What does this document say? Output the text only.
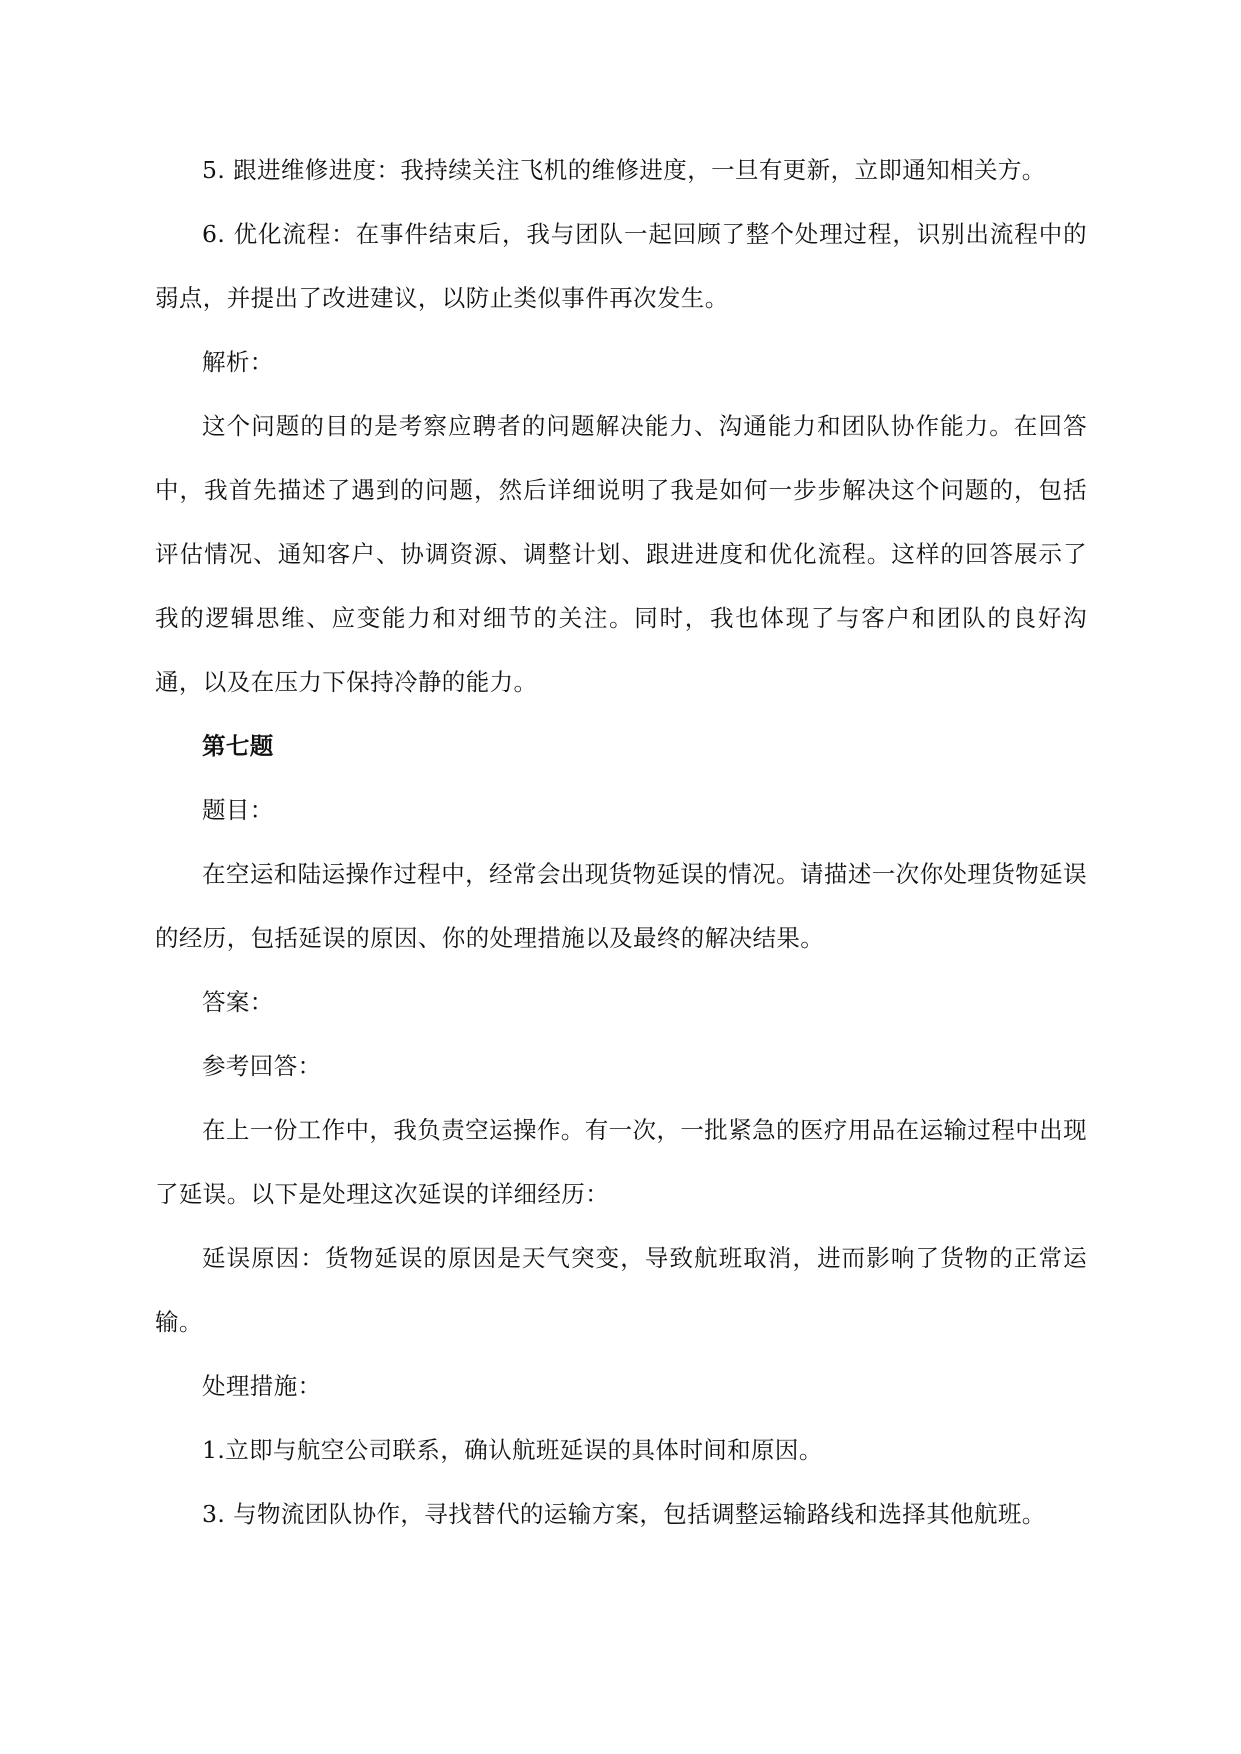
5. 跟进维修进度：我持续关注飞机的维修进度，一旦有更新，立即通知相关方。

6. 优化流程：在事件结束后，我与团队一起回顾了整个处理过程，识别出流程中的弱点，并提出了改进建议，以防止类似事件再次发生。

解析：

这个问题的目的是考察应聘者的问题解决能力、沟通能力和团队协作能力。在回答中，我首先描述了遇到的问题，然后详细说明了我是如何一步步解决这个问题的，包括评估情况、通知客户、协调资源、调整计划、跟进进度和优化流程。这样的回答展示了我的逻辑思维、应变能力和对细节的关注。同时，我也体现了与客户和团队的良好沟通，以及在压力下保持冷静的能力。

第七题

题目：

在空运和陆运操作过程中，经常会出现货物延误的情况。请描述一次你处理货物延误的经历，包括延误的原因、你的处理措施以及最终的解决结果。

答案：

参考回答：

在上一份工作中，我负责空运操作。有一次，一批紧急的医疗用品在运输过程中出现了延误。以下是处理这次延误的详细经历：

延误原因：货物延误的原因是天气突变，导致航班取消，进而影响了货物的正常运输。

处理措施：

1.立即与航空公司联系，确认航班延误的具体时间和原因。

3. 与物流团队协作，寻找替代的运输方案，包括调整运输路线和选择其他航班。
